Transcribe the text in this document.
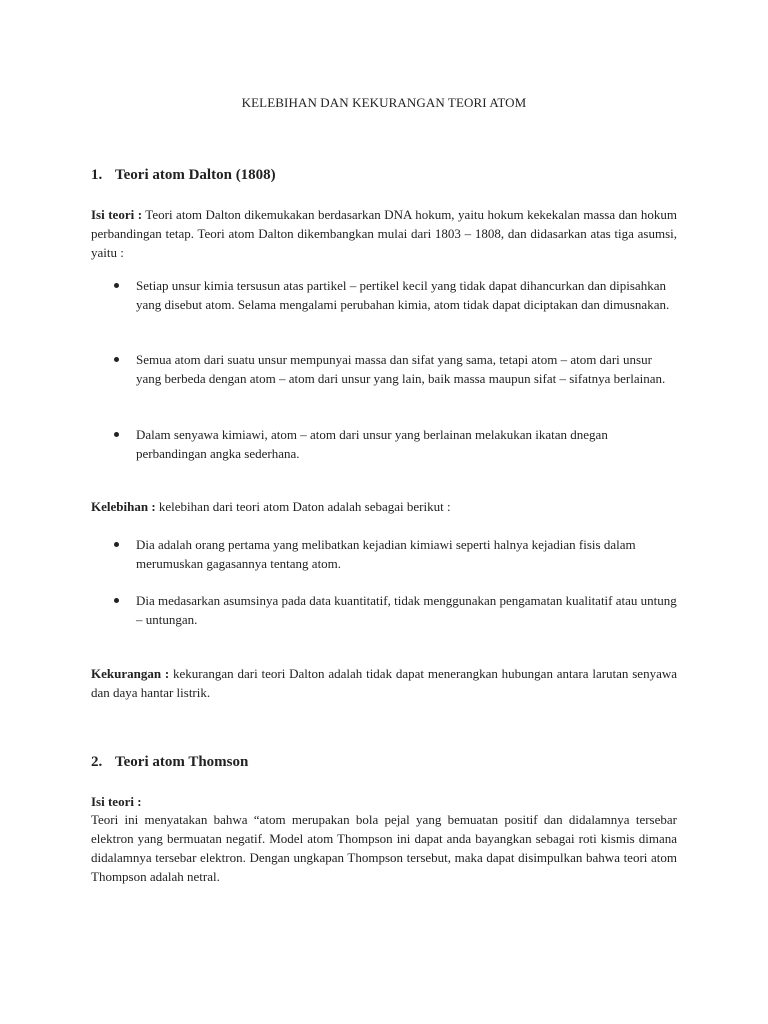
KELEBIHAN DAN KEKURANGAN TEORI ATOM
1. Teori atom Dalton (1808)
Isi teori : Teori atom Dalton dikemukakan berdasarkan DNA hokum, yaitu hokum kekekalan massa dan hokum perbandingan tetap. Teori atom Dalton dikembangkan mulai dari 1803 – 1808, dan didasarkan atas tiga asumsi, yaitu :
Setiap unsur kimia tersusun atas partikel – pertikel kecil yang tidak dapat dihancurkan dan dipisahkan yang disebut atom. Selama mengalami perubahan kimia, atom tidak dapat diciptakan dan dimusnakan.
Semua atom dari suatu unsur mempunyai massa dan sifat yang sama, tetapi atom – atom dari unsur yang berbeda dengan atom – atom dari unsur yang lain, baik massa maupun sifat – sifatnya berlainan.
Dalam senyawa kimiawi, atom – atom dari unsur yang berlainan melakukan ikatan dnegan perbandingan angka sederhana.
Kelebihan : kelebihan dari teori atom Daton adalah sebagai berikut :
Dia adalah orang pertama yang melibatkan kejadian kimiawi seperti halnya kejadian fisis dalam merumuskan gagasannya tentang atom.
Dia medasarkan asumsinya pada data kuantitatif, tidak menggunakan pengamatan kualitatif atau untung – untungan.
Kekurangan : kekurangan dari teori Dalton adalah tidak dapat menerangkan hubungan antara larutan senyawa dan daya hantar listrik.
2. Teori atom Thomson
Isi teori :
Teori ini menyatakan bahwa “atom merupakan bola pejal yang bemuatan positif dan didalamnya tersebar elektron yang bermuatan negatif. Model atom Thompson ini dapat anda bayangkan sebagai roti kismis dimana didalamnya tersebar elektron. Dengan ungkapan Thompson tersebut, maka dapat disimpulkan bahwa teori atom Thompson adalah netral.
